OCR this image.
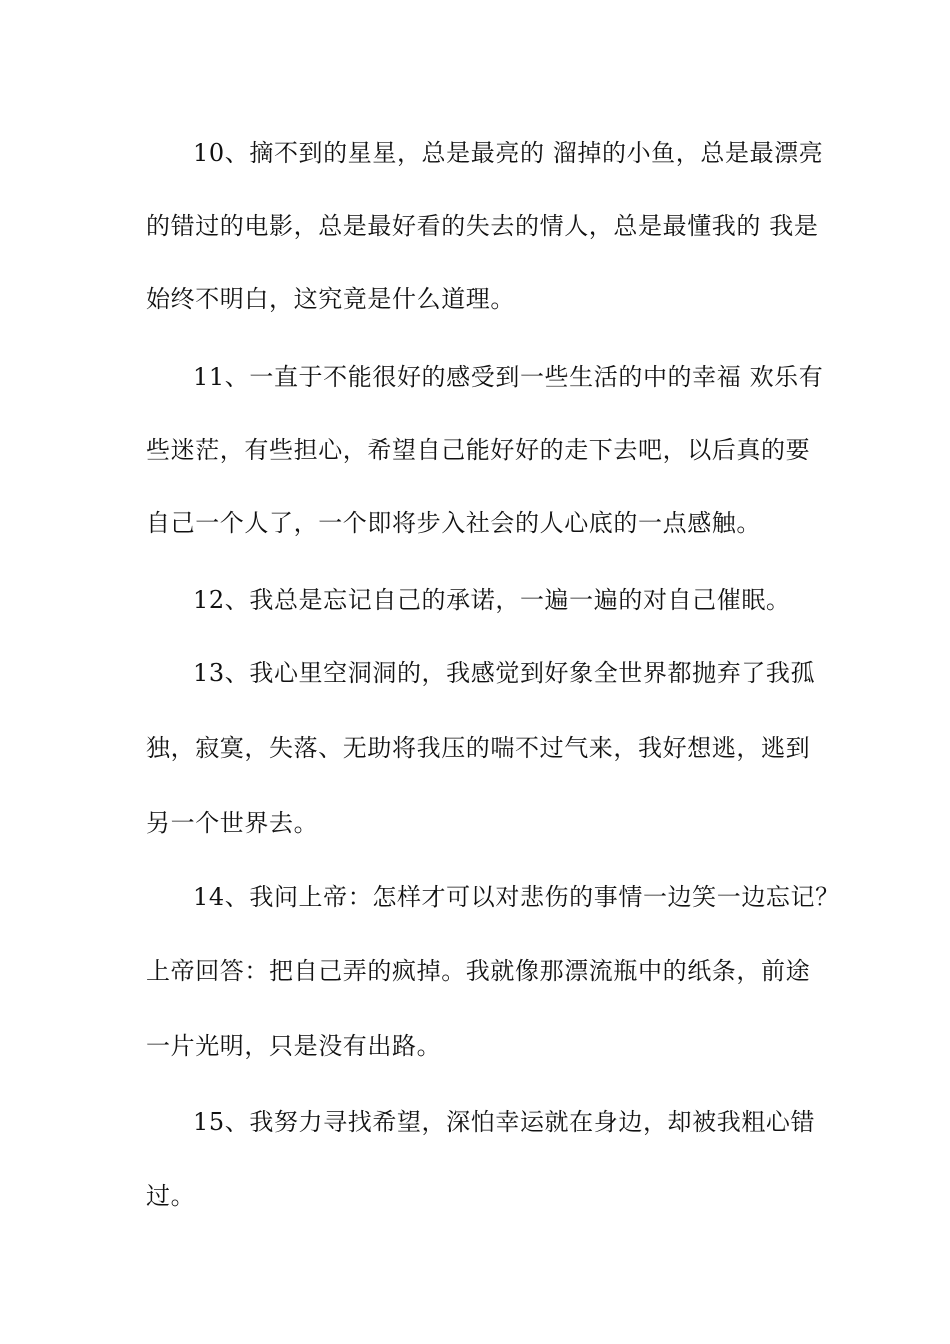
10、摘不到的星星，总是最亮的 溜掉的小鱼，总是最漂亮
的错过的电影，总是最好看的失去的情人，总是最懂我的 我是
始终不明白，这究竟是什么道理。
11、一直于不能很好的感受到一些生活的中的幸福 欢乐有
些迷茫，有些担心，希望自己能好好的走下去吧，以后真的要
自己一个人了，一个即将步入社会的人心底的一点感触。
12、我总是忘记自己的承诺，一遍一遍的对自己催眠。
13、我心里空洞洞的，我感觉到好象全世界都抛弃了我孤
独，寂寞，失落、无助将我压的喘不过气来，我好想逃，逃到
另一个世界去。
14、我问上帝：怎样才可以对悲伤的事情一边笑一边忘记？
上帝回答：把自己弄的疯掉。我就像那漂流瓶中的纸条，前途
一片光明，只是没有出路。
15、我努力寻找希望，深怕幸运就在身边，却被我粗心错
过。
